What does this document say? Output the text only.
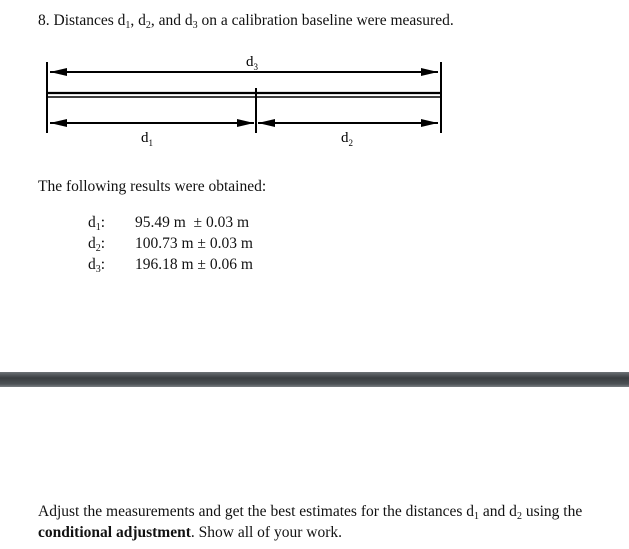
8. Distances $d_1$, $d_2$, and $d_3$ on a calibration baseline were measured.
$d_3$
$d_1$	$d_2$
The following results were obtained:
$d_1$:	95.49 m  ± 0.03 m
$d_2$:	100.73 m ± 0.03 m
$d_3$:	196.18 m ± 0.06 m
Adjust the measurements and get the best estimates for the distances $d_1$ and $d_2$ using the conditional adjustment. Show all of your work.
